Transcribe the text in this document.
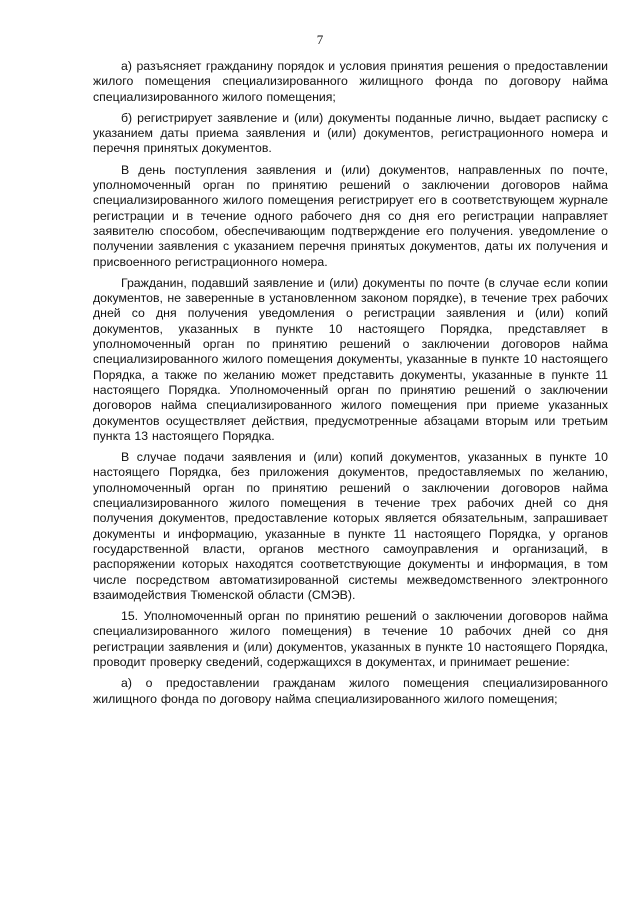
7

а) разъясняет гражданину порядок и условия принятия решения о предоставлении жилого помещения специализированного жилищного фонда по договору найма специализированного жилого помещения;

б) регистрирует заявление и (или) документы поданные лично, выдает расписку с указанием даты приема заявления и (или) документов, регистрационного номера и перечня принятых документов.

В день поступления заявления и (или) документов, направленных по почте, уполномоченный орган по принятию решений о заключении договоров найма специализированного жилого помещения регистрирует его в соответствующем журнале регистрации и в течение одного рабочего дня со дня его регистрации направляет заявителю способом, обеспечивающим подтверждение его получения. уведомление о получении заявления с указанием перечня принятых документов, даты их получения и присвоенного регистрационного номера.

Гражданин, подавший заявление и (или) документы по почте (в случае если копии документов, не заверенные в установленном законом порядке), в течение трех рабочих дней со дня получения уведомления о регистрации заявления и (или) копий документов, указанных в пункте 10 настоящего Порядка, представляет в уполномоченный орган по принятию решений о заключении договоров найма специализированного жилого помещения документы, указанные в пункте 10 настоящего Порядка, а также по желанию может представить документы, указанные в пункте 11 настоящего Порядка. Уполномоченный орган по принятию решений о заключении договоров найма специализированного жилого помещения при приеме указанных документов осуществляет действия, предусмотренные абзацами вторым или третьим пункта 13 настоящего Порядка.

В случае подачи заявления и (или) копий документов, указанных в пункте 10 настоящего Порядка, без приложения документов, предоставляемых по желанию, уполномоченный орган по принятию решений о заключении договоров найма специализированного жилого помещения в течение трех рабочих дней со дня получения документов, предоставление которых является обязательным, запрашивает документы и информацию, указанные в пункте 11 настоящего Порядка, у органов государственной власти, органов местного самоуправления и организаций, в распоряжении которых находятся соответствующие документы и информация, в том числе посредством автоматизированной системы межведомственного электронного взаимодействия Тюменской области (СМЭВ).

15. Уполномоченный орган по принятию решений о заключении договоров найма специализированного жилого помещения) в течение 10 рабочих дней со дня регистрации заявления и (или) документов, указанных в пункте 10 настоящего Порядка, проводит проверку сведений, содержащихся в документах, и принимает решение:

а) о предоставлении гражданам жилого помещения специализированного жилищного фонда по договору найма специализированного жилого помещения;
